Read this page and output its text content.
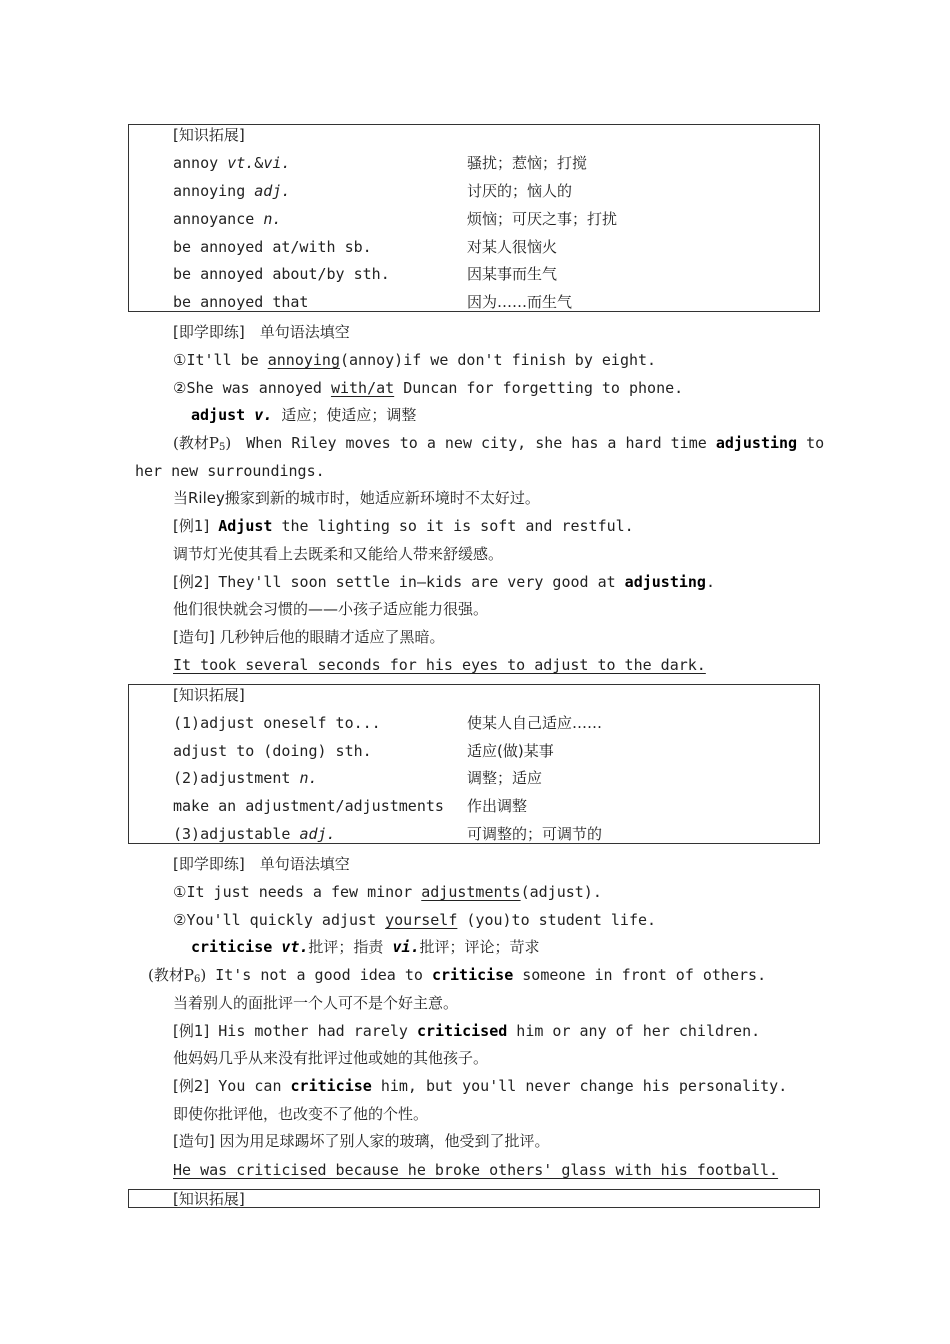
[知识拓展]
annoy vt.&vi.	骚扰；惹恼；打搅
annoying adj.	讨厌的；恼人的
annoyance n.	烦恼；可厌之事；打扰
be annoyed at/with sb.	对某人很恼火
be annoyed about/by sth.	因某事而生气
be annoyed that	因为……而生气
[即学即练]　单句语法填空
①It'll be annoying(annoy)if we don't finish by eight.
②She was annoyed with/at Duncan for forgetting to phone.
adjust v. 适应；使适应；调整
(教材$P_5$)　 When Riley moves to a new city, she has a hard time adjusting to
her new surroundings.
当Riley搬家到新的城市时，她适应新环境时不太好过。
[例1] Adjust the lighting so it is soft and restful.
调节灯光使其看上去既柔和又能给人带来舒缓感。
[例2] They'll soon settle in—kids are very good at adjusting.
他们很快就会习惯的——小孩子适应能力很强。
[造句] 几秒钟后他的眼睛才适应了黑暗。
It took several seconds for his eyes to adjust to the dark.
[知识拓展]
(1)adjust oneself to...	使某人自己适应……
adjust to (doing) sth.	适应(做)某事
(2)adjustment n.	调整；适应
make an adjustment/adjustments 作出调整
(3)adjustable adj.	可调整的；可调节的
[即学即练]　单句语法填空
①It just needs a few minor adjustments(adjust).
②You'll quickly adjust yourself (you)to student life.
criticise vt.批评；指责 vi.批评；评论；苛求
(教材$P_6$) It's not a good idea to criticise someone in front of others.
当着别人的面批评一个人可不是个好主意。
[例1] His mother had rarely criticised him or any of her children.
他妈妈几乎从来没有批评过他或她的其他孩子。
[例2] You can criticise him, but you'll never change his personality.
即使你批评他，也改变不了他的个性。
[造句] 因为用足球踢坏了别人家的玻璃，他受到了批评。
He was criticised because he broke others' glass with his football.
[知识拓展]
